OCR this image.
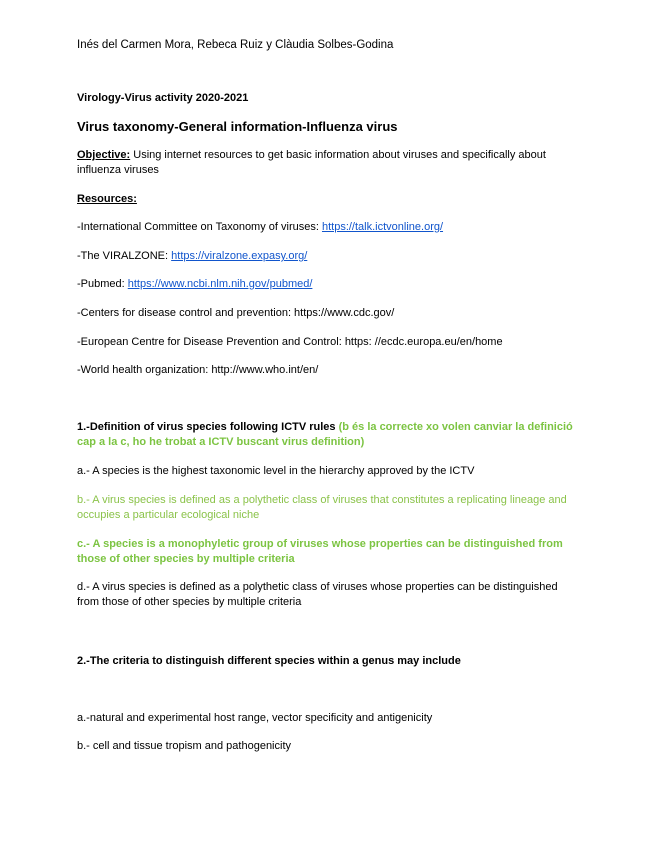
Inés del Carmen Mora, Rebeca Ruiz y Clàudia Solbes-Godina
Virology-Virus activity 2020-2021
Virus taxonomy-General information-Influenza virus
Objective: Using internet resources to get basic information about viruses and specifically about influenza viruses
Resources:
-International Committee on Taxonomy of viruses: https://talk.ictvonline.org/
-The VIRALZONE: https://viralzone.expasy.org/
-Pubmed: https://www.ncbi.nlm.nih.gov/pubmed/
-Centers for disease control and prevention: https://www.cdc.gov/
-European Centre for Disease Prevention and Control: https: //ecdc.europa.eu/en/home
-World health organization: http://www.who.int/en/
1.-Definition of virus species following ICTV rules (b és la correcte xo volen canviar la definició cap a la c, ho he trobat a ICTV buscant virus definition)
a.- A species is the highest taxonomic level in the hierarchy approved by the ICTV
b.- A virus species is defined as a polythetic class of viruses that constitutes a replicating lineage and occupies a particular ecological niche
c.- A species is a monophyletic group of viruses whose properties can be distinguished from those of other species by multiple criteria
d.- A virus species is defined as a polythetic class of viruses whose properties can be distinguished from those of other species by multiple criteria
2.-The criteria to distinguish different species within a genus may include
a.-natural and experimental host range, vector specificity and antigenicity
b.- cell and tissue tropism and pathogenicity
